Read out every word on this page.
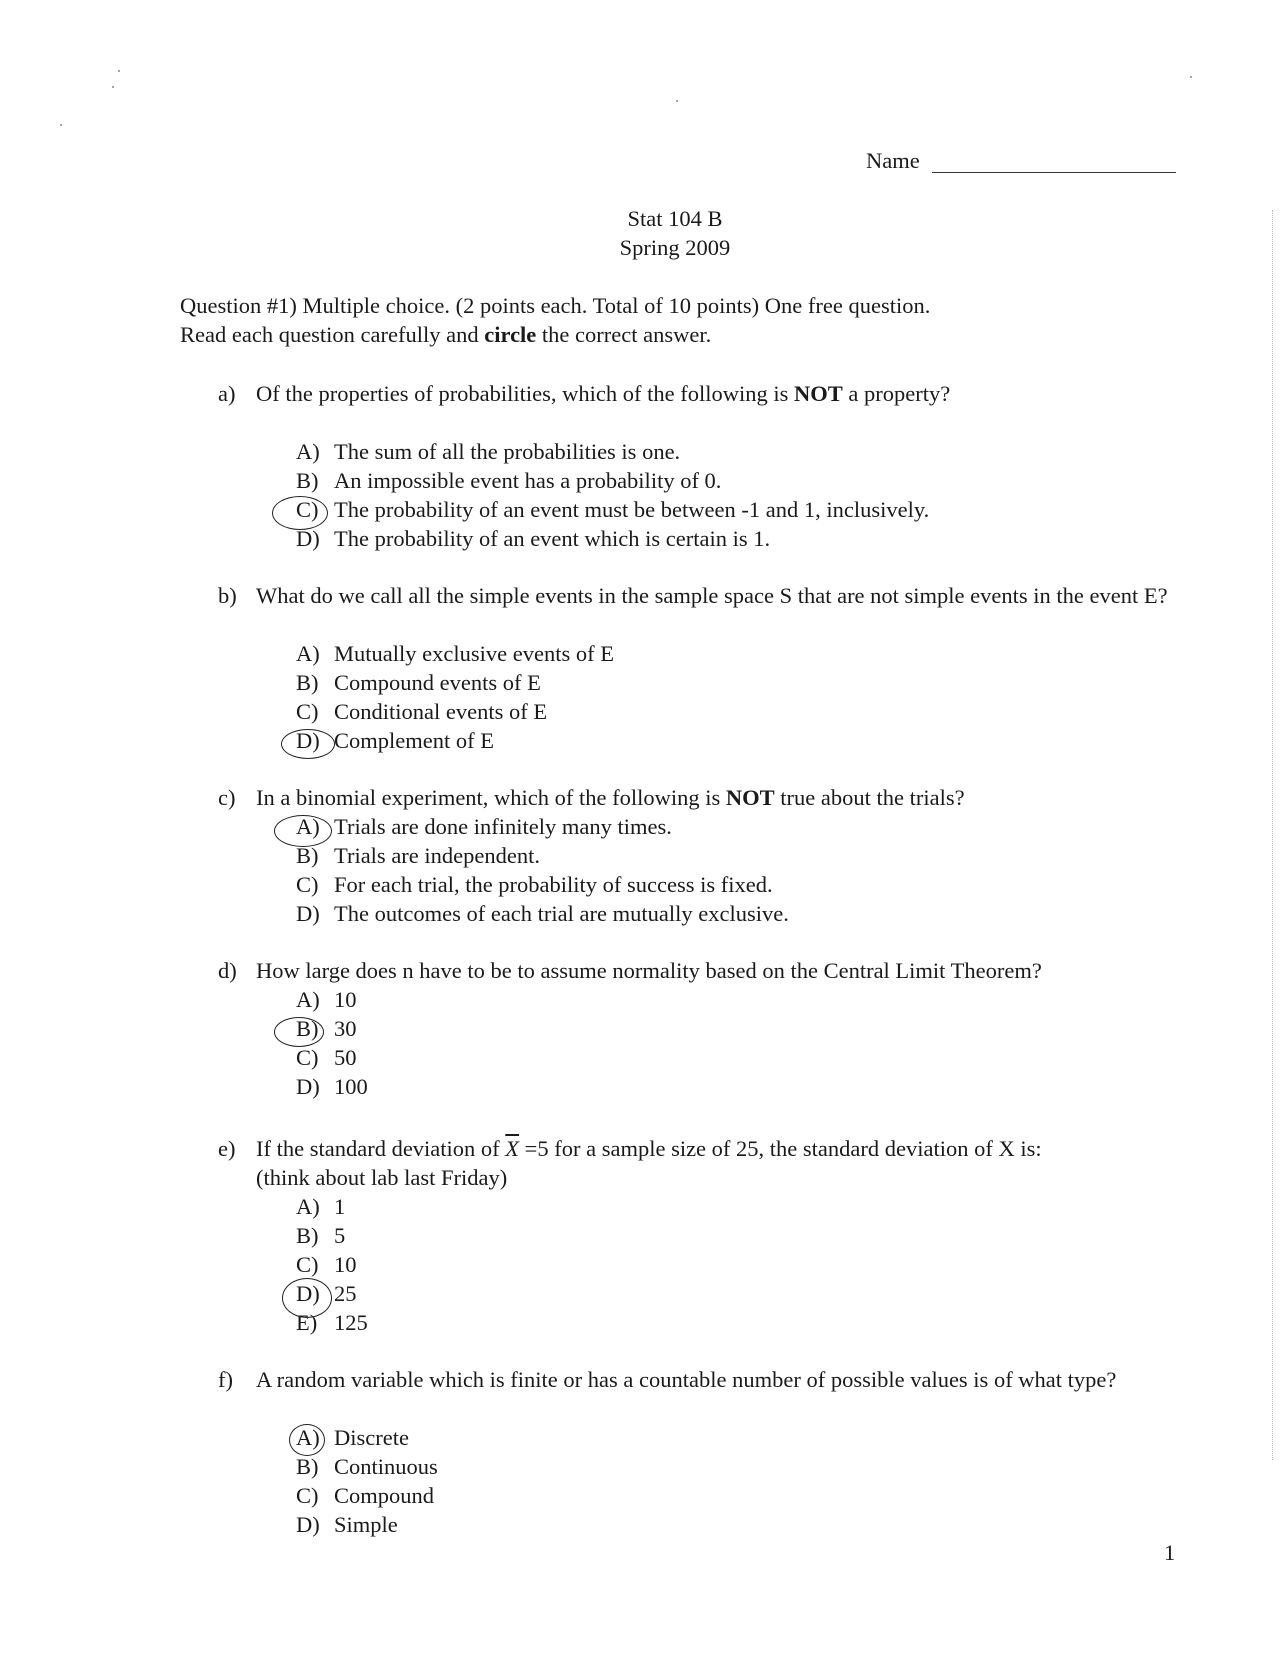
Name
Stat 104 B
Spring 2009
Question #1) Multiple choice. (2 points each. Total of 10 points) One free question.
Read each question carefully and circle the correct answer.
a) Of the properties of probabilities, which of the following is NOT a property?
A) The sum of all the probabilities is one.
B) An impossible event has a probability of 0.
C) The probability of an event must be between -1 and 1, inclusively.
D) The probability of an event which is certain is 1.
b) What do we call all the simple events in the sample space S that are not simple events in the event E?
A) Mutually exclusive events of E
B) Compound events of E
C) Conditional events of E
D) Complement of E
c) In a binomial experiment, which of the following is NOT true about the trials?
A) Trials are done infinitely many times.
B) Trials are independent.
C) For each trial, the probability of success is fixed.
D) The outcomes of each trial are mutually exclusive.
d) How large does n have to be to assume normality based on the Central Limit Theorem?
A) 10
B) 30
C) 50
D) 100
e) If the standard deviation of $\overline{X} =5$ for a sample size of 25, the standard deviation of X is:
(think about lab last Friday)
A) 1
B) 5
C) 10
D) 25
E) 125
f) A random variable which is finite or has a countable number of possible values is of what type?
A) Discrete
B) Continuous
C) Compound
D) Simple
1
